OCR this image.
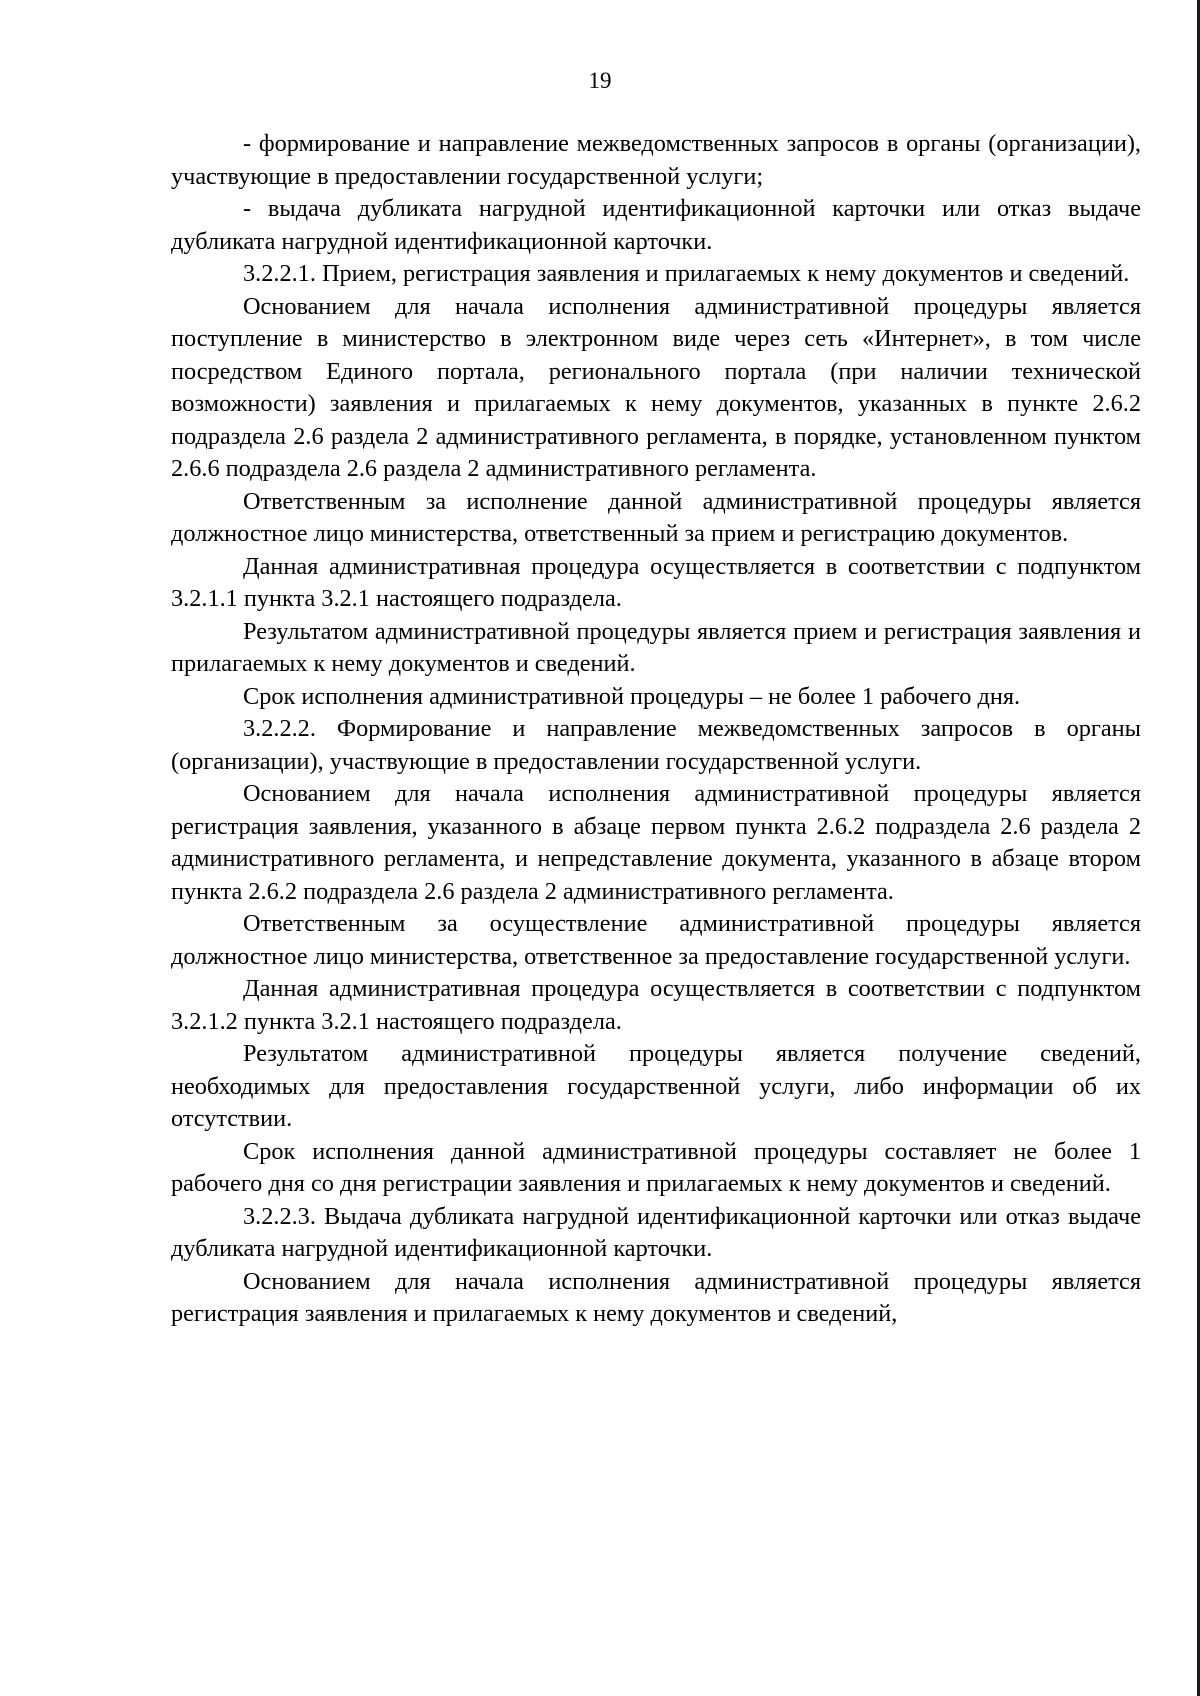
19

- формирование и направление межведомственных запросов в органы (организации), участвующие в предоставлении государственной услуги;

- выдача дубликата нагрудной идентификационной карточки или отказ выдаче дубликата нагрудной идентификационной карточки.

3.2.2.1. Прием, регистрация заявления и прилагаемых к нему документов и сведений.

Основанием для начала исполнения административной процедуры является поступление в министерство в электронном виде через сеть «Интернет», в том числе посредством Единого портала, регионального портала (при наличии технической возможности) заявления и прилагаемых к нему документов, указанных в пункте 2.6.2 подраздела 2.6 раздела 2 административного регламента, в порядке, установленном пунктом 2.6.6 подраздела 2.6 раздела 2 административного регламента.

Ответственным за исполнение данной административной процедуры является должностное лицо министерства, ответственный за прием и регистрацию документов.

Данная административная процедура осуществляется в соответствии с подпунктом 3.2.1.1 пункта 3.2.1 настоящего подраздела.

Результатом административной процедуры является прием и регистрация заявления и прилагаемых к нему документов и сведений.

Срок исполнения административной процедуры – не более 1 рабочего дня.

3.2.2.2. Формирование и направление межведомственных запросов в органы (организации), участвующие в предоставлении государственной услуги.

Основанием для начала исполнения административной процедуры является регистрация заявления, указанного в абзаце первом пункта 2.6.2 подраздела 2.6 раздела 2 административного регламента, и непредставление документа, указанного в абзаце втором пункта 2.6.2 подраздела 2.6 раздела 2 административного регламента.

Ответственным за осуществление административной процедуры является должностное лицо министерства, ответственное за предоставление государственной услуги.

Данная административная процедура осуществляется в соответствии с подпунктом 3.2.1.2 пункта 3.2.1 настоящего подраздела.

Результатом административной процедуры является получение сведений, необходимых для предоставления государственной услуги, либо информации об их отсутствии.

Срок исполнения данной административной процедуры составляет не более 1 рабочего дня со дня регистрации заявления и прилагаемых к нему документов и сведений.

3.2.2.3. Выдача дубликата нагрудной идентификационной карточки или отказ выдаче дубликата нагрудной идентификационной карточки.

Основанием для начала исполнения административной процедуры является регистрация заявления и прилагаемых к нему документов и сведений,
